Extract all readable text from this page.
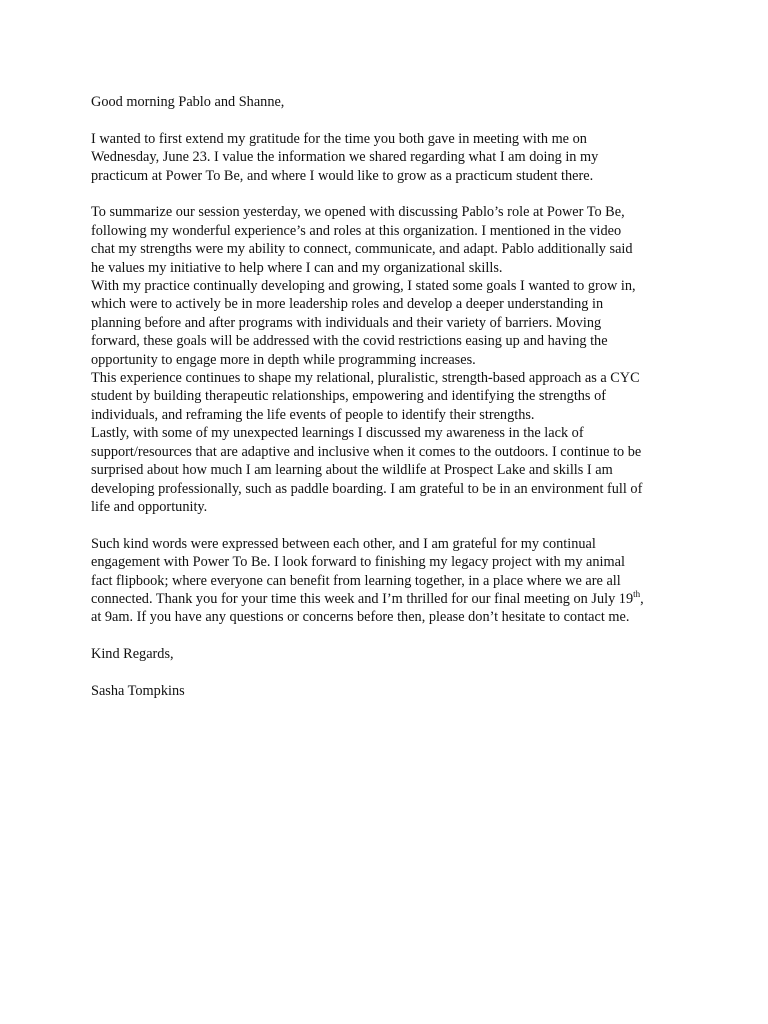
Good morning Pablo and Shanne,

I wanted to first extend my gratitude for the time you both gave in meeting with me on
Wednesday, June 23. I value the information we shared regarding what I am doing in my
practicum at Power To Be, and where I would like to grow as a practicum student there.

To summarize our session yesterday, we opened with discussing Pablo’s role at Power To Be,
following my wonderful experience’s and roles at this organization. I mentioned in the video
chat my strengths were my ability to connect, communicate, and adapt. Pablo additionally said
he values my initiative to help where I can and my organizational skills.

With my practice continually developing and growing, I stated some goals I wanted to grow in,
which were to actively be in more leadership roles and develop a deeper understanding in
planning before and after programs with individuals and their variety of barriers. Moving
forward, these goals will be addressed with the covid restrictions easing up and having the
opportunity to engage more in depth while programming increases.

This experience continues to shape my relational, pluralistic, strength-based approach as a CYC
student by building therapeutic relationships, empowering and identifying the strengths of
individuals, and reframing the life events of people to identify their strengths.

Lastly, with some of my unexpected learnings I discussed my awareness in the lack of
support/resources that are adaptive and inclusive when it comes to the outdoors. I continue to be
surprised about how much I am learning about the wildlife at Prospect Lake and skills I am
developing professionally, such as paddle boarding. I am grateful to be in an environment full of
life and opportunity.

Such kind words were expressed between each other, and I am grateful for my continual
engagement with Power To Be. I look forward to finishing my legacy project with my animal
fact flipbook; where everyone can benefit from learning together, in a place where we are all
connected. Thank you for your time this week and I’m thrilled for our final meeting on July 19th,
at 9am. If you have any questions or concerns before then, please don’t hesitate to contact me.

Kind Regards,

Sasha Tompkins
